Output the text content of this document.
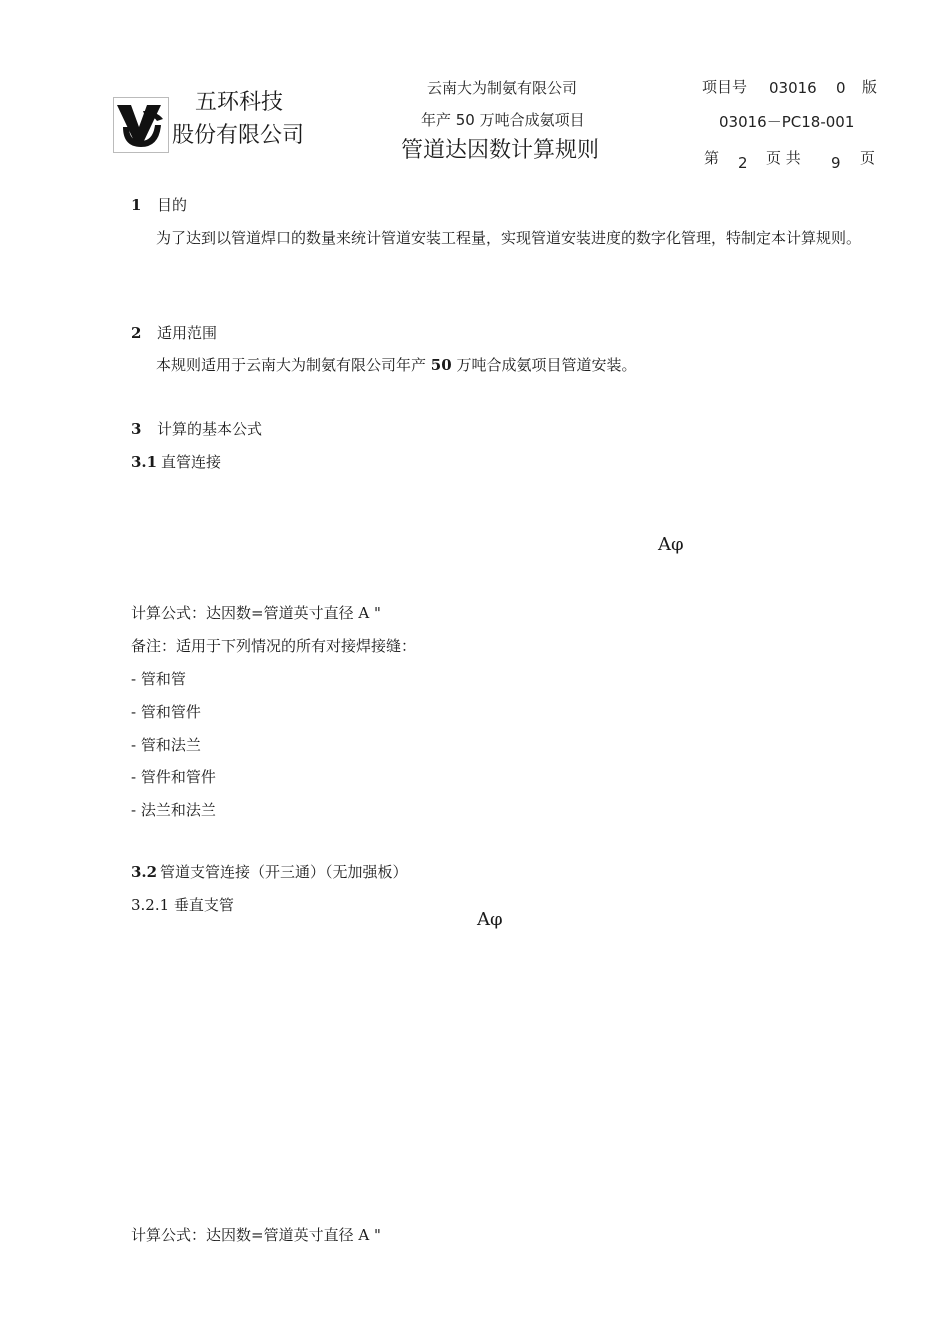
五环科技
股份有限公司
云南大为制氨有限公司
年产 50 万吨合成氨项目
管道达因数计算规则
项目号 03016 0 版
03016－PC18-001
第 2 页 共 9 页
1 目的
为了达到以管道焊口的数量来统计管道安装工程量，实现管道安装进度的数字化管理，特制定本计算规则。
2 适用范围
本规则适用于云南大为制氨有限公司年产 50 万吨合成氨项目管道安装。
3 计算的基本公式
3.1 直管连接
Aφ
计算公式：达因数=管道英寸直径 A "
备注：适用于下列情况的所有对接焊接缝：
- 管和管
- 管和管件
- 管和法兰
- 管件和管件
- 法兰和法兰
3.2 管道支管连接（开三通）（无加强板）
3.2.1 垂直支管
Aφ
计算公式：达因数=管道英寸直径 A "
